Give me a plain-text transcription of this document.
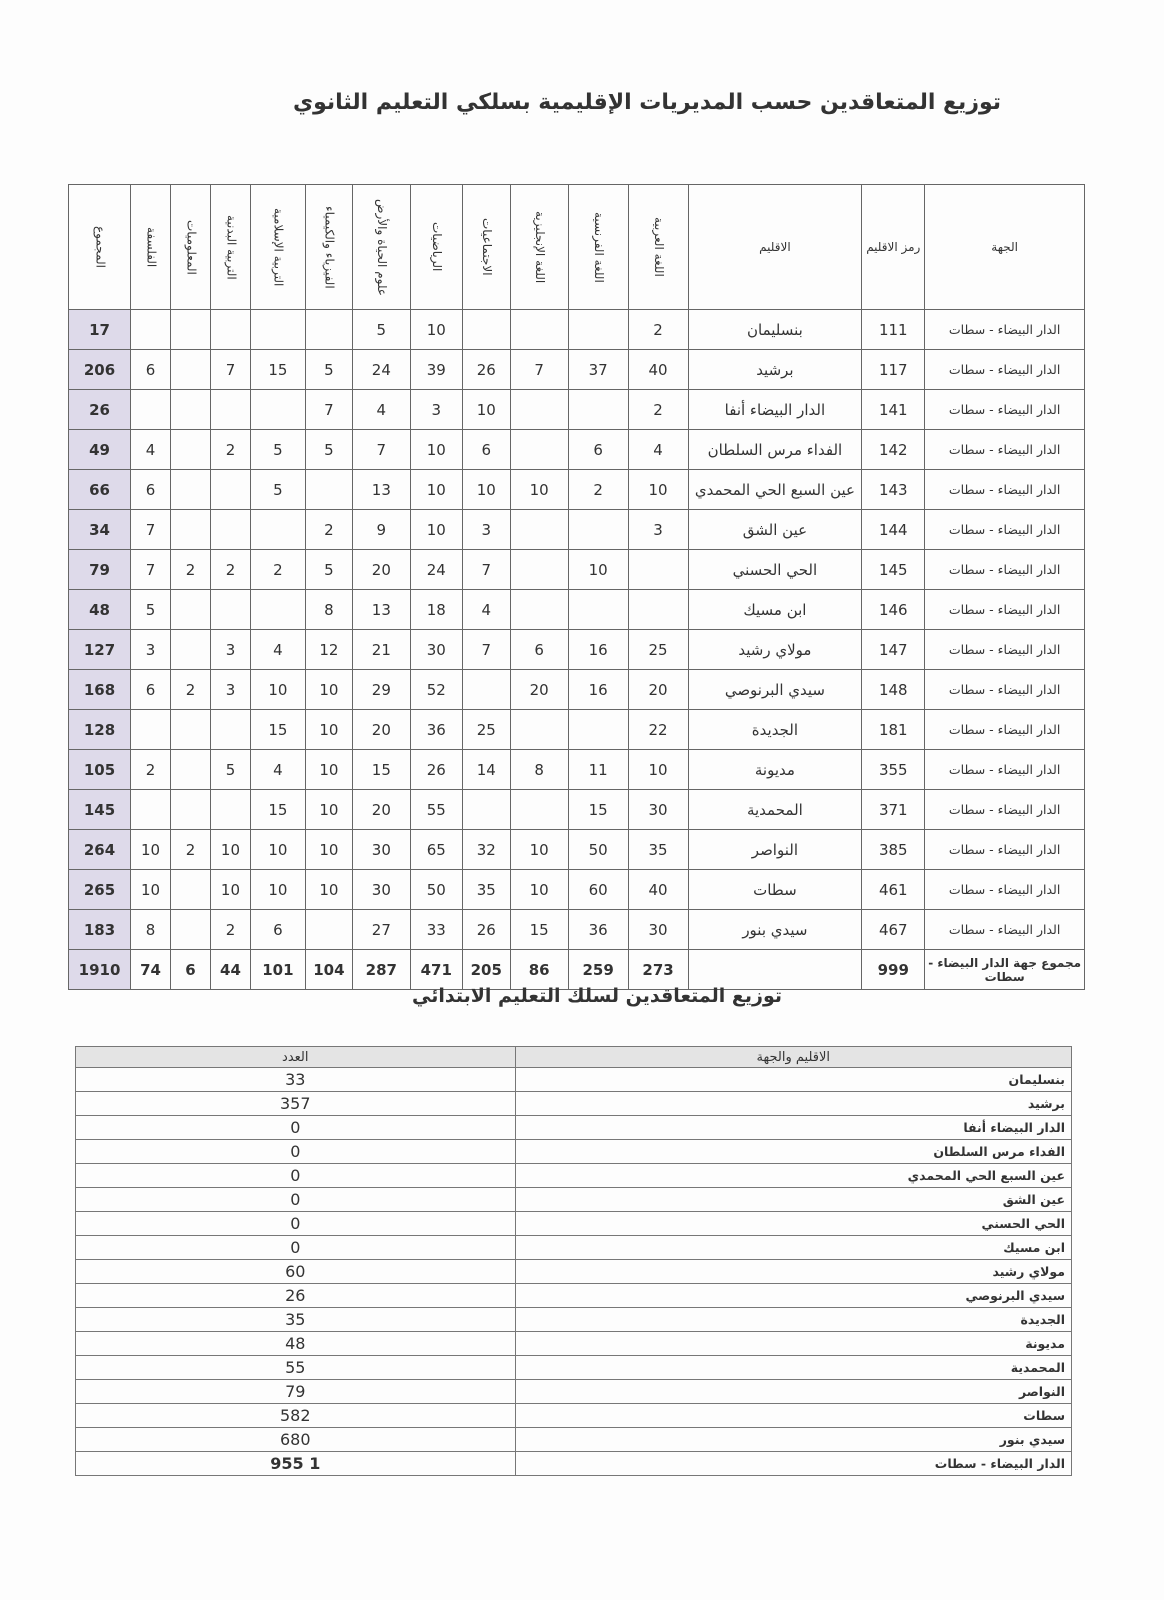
توزيع المتعاقدين حسب المديريات الإقليمية بسلكي التعليم الثانوي
الجهة	رمز الاقليم	الاقليم	اللغة العربية	اللغة الفرنسية	اللغة الإنجليزية	الاجتماعيات	الرياضيات	علوم الحياة والأرض	الفيزياء والكيمياء	التربية الإسلامية	التربية البدنية	المعلوميات	الفلسفة	المجموع

الدار البيضاء - سطات	111	بنسليمان	2				10	5						17
الدار البيضاء - سطات	117	برشيد	40	37	7	26	39	24	5	15	7		6	206
الدار البيضاء - سطات	141	الدار البيضاء أنفا	2			10	3	4	7					26
الدار البيضاء - سطات	142	الفداء مرس السلطان	4	6		6	10	7	5	5	2		4	49
الدار البيضاء - سطات	143	عين السبع الحي المحمدي	10	2	10	10	10	13		5			6	66
الدار البيضاء - سطات	144	عين الشق	3			3	10	9	2				7	34
الدار البيضاء - سطات	145	الحي الحسني		10		7	24	20	5	2	2	2	7	79
الدار البيضاء - سطات	146	ابن مسيك				4	18	13	8				5	48
الدار البيضاء - سطات	147	مولاي رشيد	25	16	6	7	30	21	12	4	3		3	127
الدار البيضاء - سطات	148	سيدي البرنوصي	20	16	20		52	29	10	10	3	2	6	168
الدار البيضاء - سطات	181	الجديدة	22			25	36	20	10	15				128
الدار البيضاء - سطات	355	مديونة	10	11	8	14	26	15	10	4	5		2	105
الدار البيضاء - سطات	371	المحمدية	30	15			55	20	10	15				145
الدار البيضاء - سطات	385	النواصر	35	50	10	32	65	30	10	10	10	2	10	264
الدار البيضاء - سطات	461	سطات	40	60	10	35	50	30	10	10	10		10	265
الدار البيضاء - سطات	467	سيدي بنور	30	36	15	26	33	27		6	2		8	183
مجموع جهة الدار البيضاء - سطات	999		273	259	86	205	471	287	104	101	44	6	74	1910
توزيع المتعاقدين لسلك التعليم الابتدائي
الاقليم والجهة	العدد
بنسليمان	33
برشيد	357
الدار البيضاء أنفا	0
الفداء مرس السلطان	0
عين السبع الحي المحمدي	0
عين الشق	0
الحي الحسني	0
ابن مسيك	0
مولاي رشيد	60
سيدي البرنوصي	26
الجديدة	35
مديونة	48
المحمدية	55
النواصر	79
سطات	582
سيدي بنور	680
الدار البيضاء - سطات	1 955
